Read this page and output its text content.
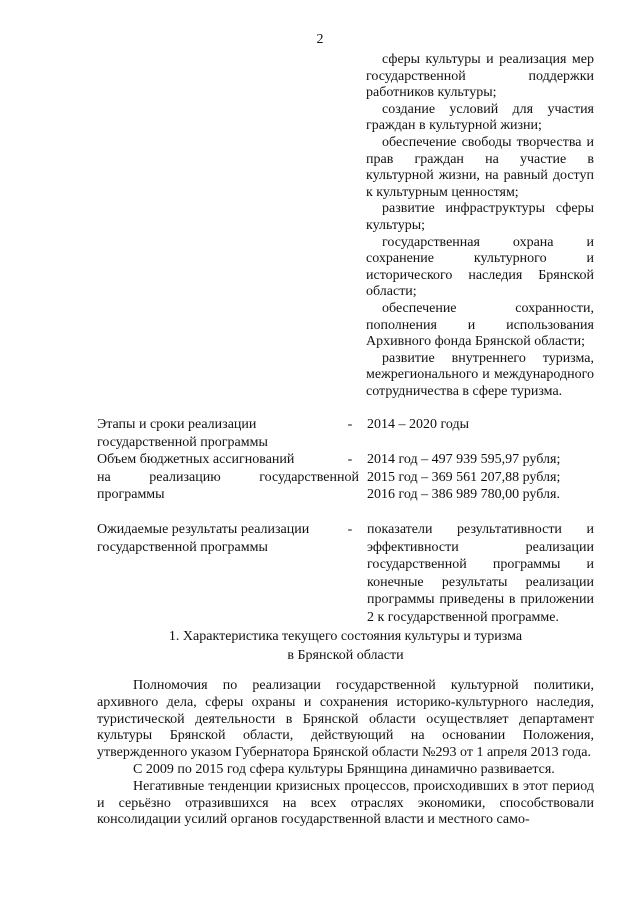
2

сферы культуры и реализация мер государственной поддержки работников культуры;

создание условий для участия граждан в культурной жизни;

обеспечение свободы творчества и прав граждан на участие в культурной жизни, на равный доступ к культурным ценностям;

развитие инфраструктуры сферы культуры;

государственная охрана и сохранение культурного и исторического наследия Брянской области;

обеспечение сохранности, пополнения и использования Архивного фонда Брянской области;

развитие внутреннего туризма, межрегионального и международного сотрудничества в сфере туризма.

Этапы и сроки реализации государственной программы
- 2014 – 2020 годы
Объем бюджетных ассигнований
на	реализацию	государственной
программы
- 2014 год – 497 939 595,97 рубля;
2015 год – 369 561 207,88 рубля;
2016 год – 386 989 780,00 рубля.
Ожидаемые результаты реализации государственной программы
- показатели результативности и эффективности реализации государственной программы и конечные результаты реализации программы приведены в приложении 2 к государственной программе.
1. Характеристика текущего состояния культуры и туризма
в Брянской области

Полномочия по реализации государственной культурной политики, архивного дела, сферы охраны и сохранения историко-культурного наследия, туристической деятельности в Брянской области осуществляет департамент культуры Брянской области, действующий на основании Положения, утвержденного указом Губернатора Брянской области №293 от 1 апреля 2013 года.

С 2009 по 2015 год сфера культуры Брянщина динамично развивается.

Негативные тенденции кризисных процессов, происходивших в этот период и серьёзно отразившихся на всех отраслях экономики, способствовали консолидации усилий органов государственной власти и местного само-
